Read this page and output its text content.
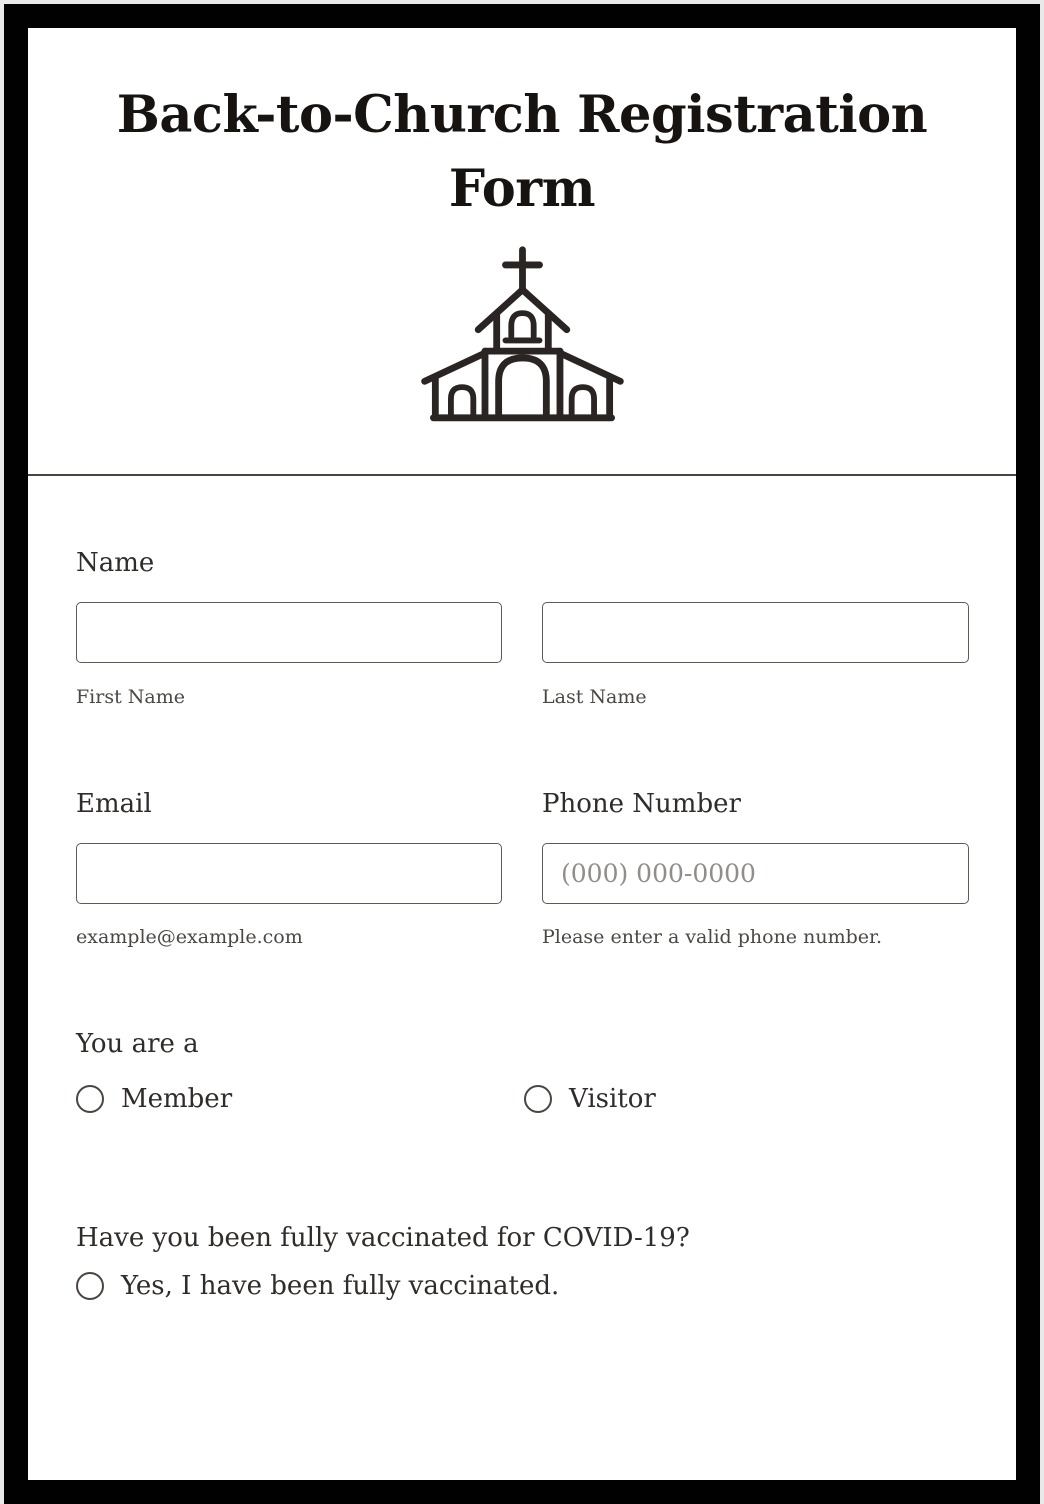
Back-to-Church Registration
Form
Name
First Name	Last Name
Email
example@example.com
Phone Number
(000) 000-0000
Please enter a valid phone number.
You are a
Member	Visitor
Have you been fully vaccinated for COVID-19?
Yes, I have been fully vaccinated.
